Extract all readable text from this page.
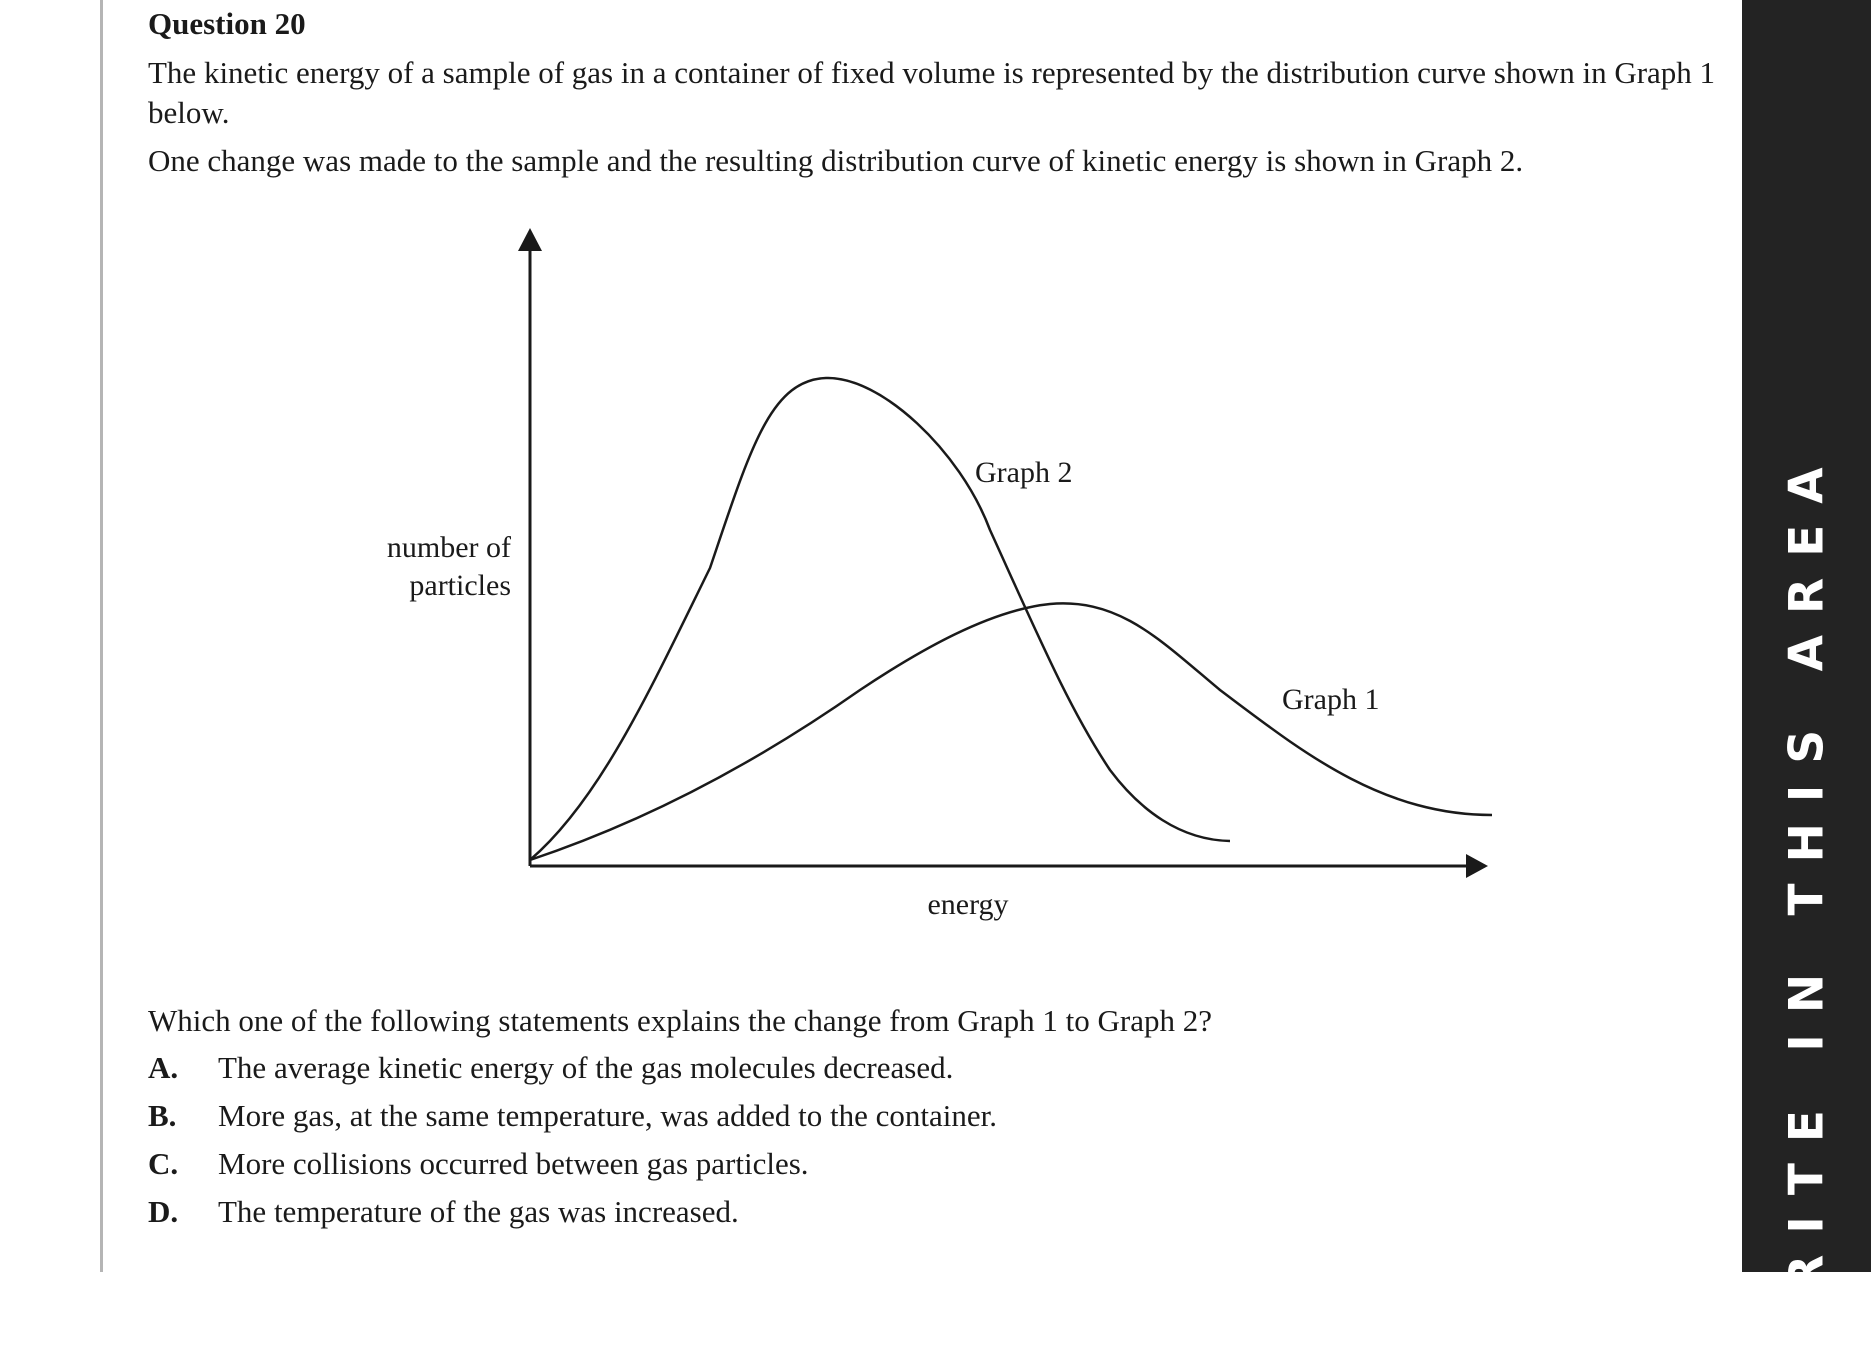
Question 20

The kinetic energy of a sample of gas in a container of fixed volume is represented by the distribution curve shown in Graph 1 below.

One change was made to the sample and the resulting distribution curve of kinetic energy is shown in Graph 2.

Which one of the following statements explains the change from Graph 1 to Graph 2?
A. The average kinetic energy of the gas molecules decreased.
B. More gas, at the same temperature, was added to the container.
C. More collisions occurred between gas particles.
D. The temperature of the gas was increased.
number of
particles
energy
Graph 2
Graph 1	WRITE IN THIS AREA
